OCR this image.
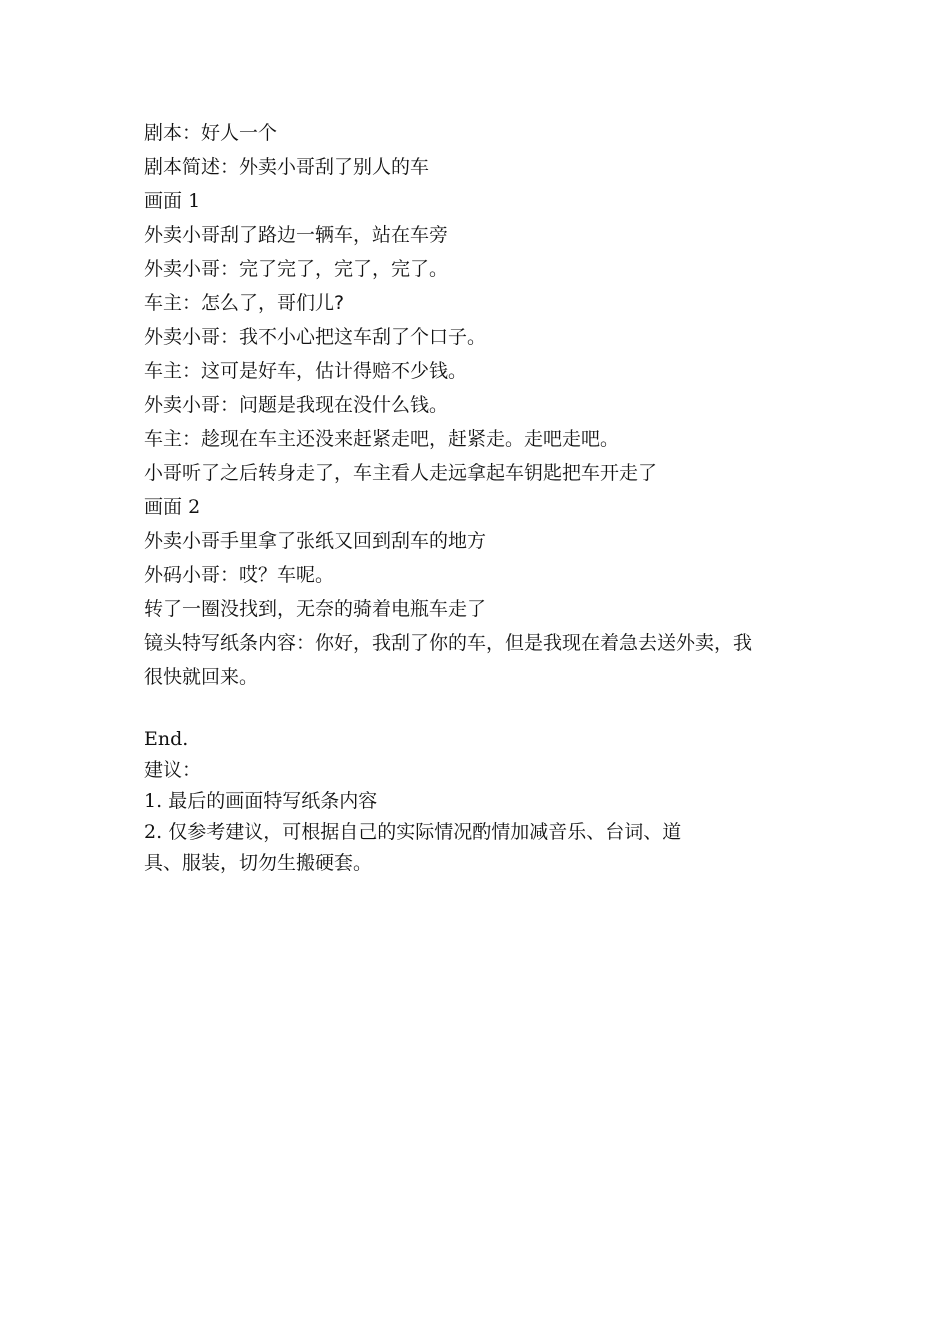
剧本：好人一个
剧本简述：外卖小哥刮了别人的车
画面 1
外卖小哥刮了路边一辆车，站在车旁
外卖小哥：完了完了，完了，完了。
车主：怎么了，哥们儿?
外卖小哥：我不小心把这车刮了个口子。
车主：这可是好车，估计得赔不少钱。
外卖小哥：问题是我现在没什么钱。
车主：趁现在车主还没来赶紧走吧，赶紧走。走吧走吧。
小哥听了之后转身走了，车主看人走远拿起车钥匙把车开走了
画面 2
外卖小哥手里拿了张纸又回到刮车的地方
外码小哥：哎？车呢。
转了一圈没找到，无奈的骑着电瓶车走了
镜头特写纸条内容：你好，我刮了你的车，但是我现在着急去送外卖，我
很快就回来。
End.
建议：
1. 最后的画面特写纸条内容
2. 仅参考建议，可根据自己的实际情况酌情加减音乐、台词、道
具、服装，切勿生搬硬套。
